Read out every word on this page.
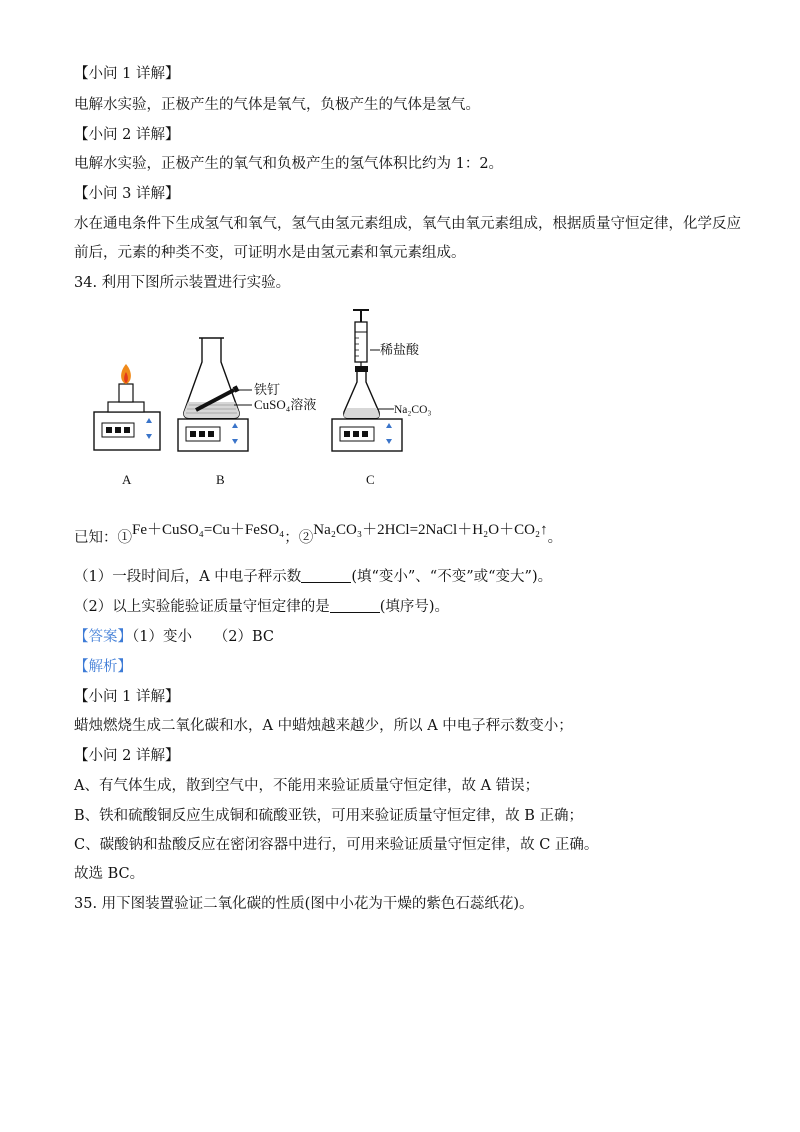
【小问 1 详解】
电解水实验，正极产生的气体是氧气，负极产生的气体是氢气。
【小问 2 详解】
电解水实验，正极产生的氧气和负极产生的氢气体积比约为 1：2。
【小问 3 详解】
水在通电条件下生成氢气和氧气，氢气由氢元素组成，氧气由氧元素组成，根据质量守恒定律，化学反应
前后，元素的种类不变，可证明水是由氢元素和氧元素组成。
34. 利用下图所示装置进行实验。
铁钉
CuSO₄溶液
稀盐酸
Na₂CO₃
A	B	C
已知：①Fe＋CuSO₄=Cu＋FeSO₄；②Na₂CO₃＋2HCl=2NaCl＋H₂O＋CO₂↑。
（1）一段时间后，A 中电子秤示数	(填“变小”、“不变”或“变大”)。
（2）以上实验能验证质量守恒定律的是	(填序号)。
【答案】（1）变小　　（2）BC
【解析】
【小问 1 详解】
蜡烛燃烧生成二氧化碳和水，A 中蜡烛越来越少，所以 A 中电子秤示数变小；
【小问 2 详解】
A、有气体生成，散到空气中，不能用来验证质量守恒定律，故 A 错误；
B、铁和硫酸铜反应生成铜和硫酸亚铁，可用来验证质量守恒定律，故 B 正确；
C、碳酸钠和盐酸反应在密闭容器中进行，可用来验证质量守恒定律，故 C 正确。
故选 BC。
35. 用下图装置验证二氧化碳的性质(图中小花为干燥的紫色石蕊纸花)。
